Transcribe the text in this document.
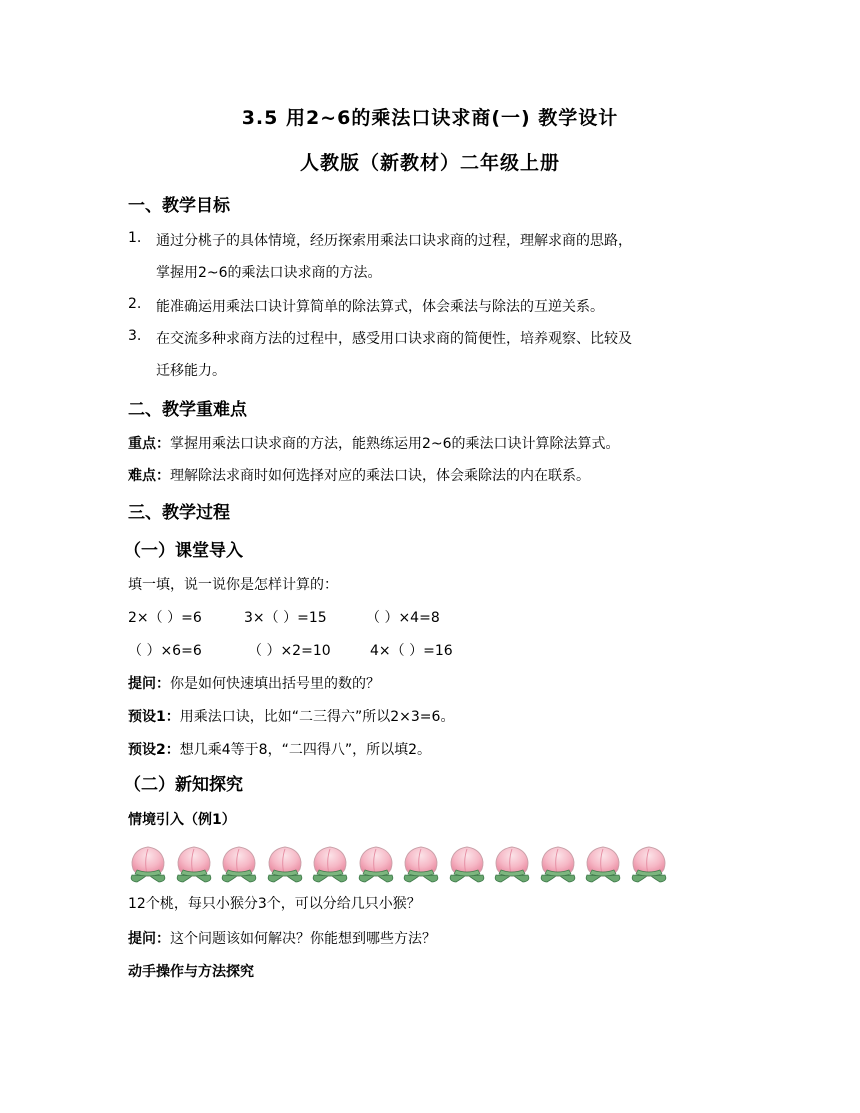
3.5 用2~6的乘法口诀求商(一) 教学设计
人教版（新教材）二年级上册
一、教学目标
1. 通过分桃子的具体情境，经历探索用乘法口诀求商的过程，理解求商的思路，
掌握用2~6的乘法口诀求商的方法。
2. 能准确运用乘法口诀计算简单的除法算式，体会乘法与除法的互逆关系。
3. 在交流多种求商方法的过程中，感受用口诀求商的简便性，培养观察、比较及
迁移能力。
二、教学重难点
重点：掌握用乘法口诀求商的方法，能熟练运用2~6的乘法口诀计算除法算式。
难点：理解除法求商时如何选择对应的乘法口诀，体会乘除法的内在联系。
三、教学过程
（一）课堂导入
填一填，说一说你是怎样计算的：
2×（ ）=6	3×（ ）=15	（ ）×4=8
（ ）×6=6	（ ）×2=10	4×（ ）=16
提问：你是如何快速填出括号里的数的？
预设1：用乘法口诀，比如“二三得六”所以2×3=6。
预设2：想几乘4等于8，“二四得八”，所以填2。
（二）新知探究
情境引入（例1）
12个桃，每只小猴分3个，可以分给几只小猴？
提问：这个问题该如何解决？你能想到哪些方法？
动手操作与方法探究
